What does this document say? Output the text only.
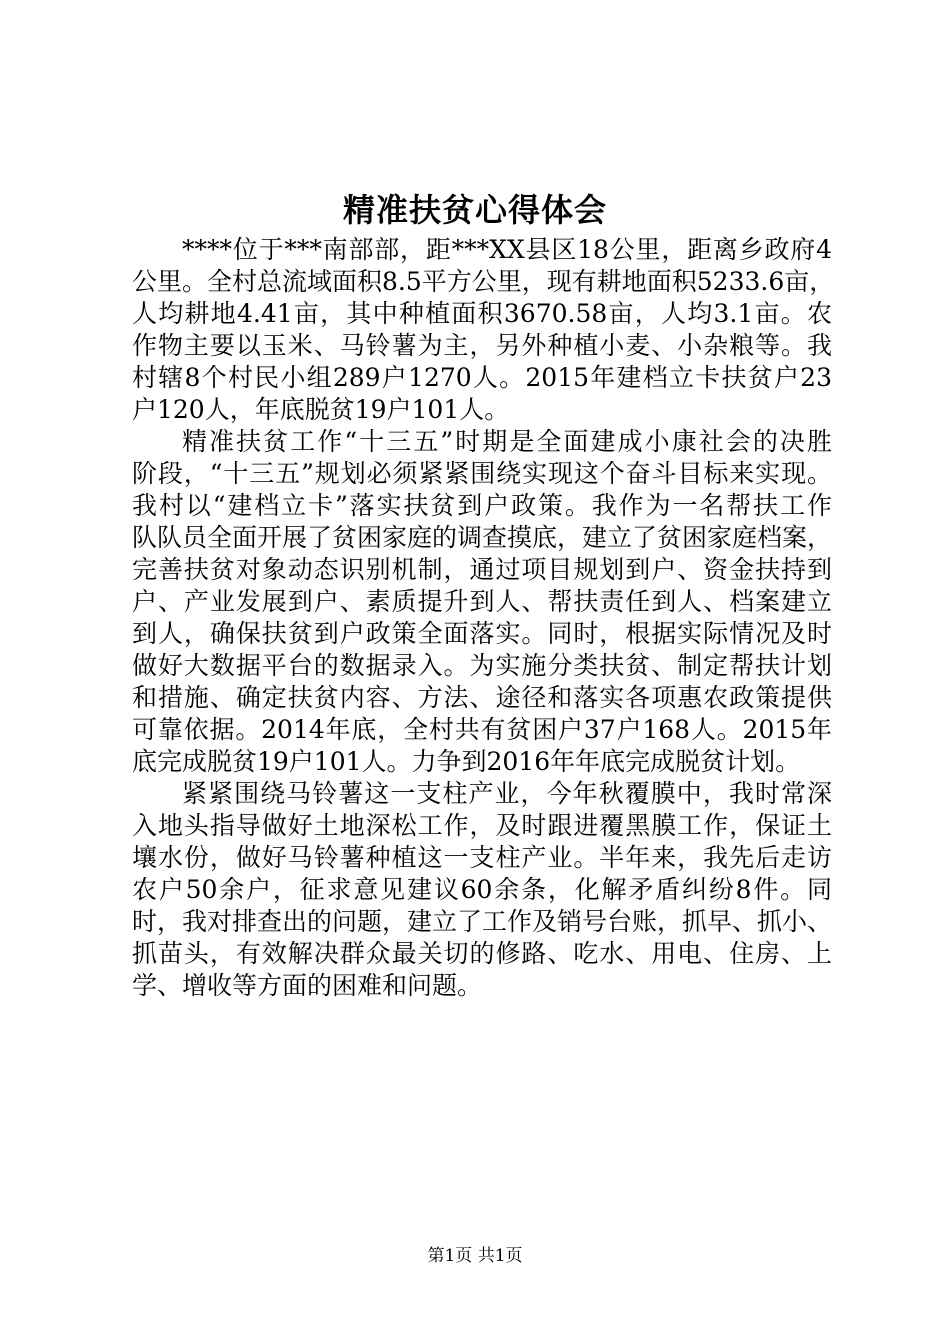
精准扶贫心得体会
****位于***南部部，距***XX县区18公里，距离乡政府4
公里。全村总流域面积8.5平方公里，现有耕地面积5233.6亩，
人均耕地4.41亩，其中种植面积3670.58亩，人均3.1亩。农
作物主要以玉米、马铃薯为主，另外种植小麦、小杂粮等。我
村辖8个村民小组289户1270人。2015年建档立卡扶贫户23
户120人，年底脱贫19户101人。
精准扶贫工作“十三五”时期是全面建成小康社会的决胜
阶段，“十三五”规划必须紧紧围绕实现这个奋斗目标来实现。
我村以“建档立卡”落实扶贫到户政策。我作为一名帮扶工作
队队员全面开展了贫困家庭的调查摸底，建立了贫困家庭档案，
完善扶贫对象动态识别机制，通过项目规划到户、资金扶持到
户、产业发展到户、素质提升到人、帮扶责任到人、档案建立
到人，确保扶贫到户政策全面落实。同时，根据实际情况及时
做好大数据平台的数据录入。为实施分类扶贫、制定帮扶计划
和措施、确定扶贫内容、方法、途径和落实各项惠农政策提供
可靠依据。2014年底，全村共有贫困户37户168人。2015年
底完成脱贫19户101人。力争到2016年年底完成脱贫计划。
紧紧围绕马铃薯这一支柱产业，今年秋覆膜中，我时常深
入地头指导做好土地深松工作，及时跟进覆黑膜工作，保证土
壤水份，做好马铃薯种植这一支柱产业。半年来，我先后走访
农户50余户，征求意见建议60余条，化解矛盾纠纷8件。同
时，我对排查出的问题，建立了工作及销号台账，抓早、抓小、
抓苗头，有效解决群众最关切的修路、吃水、用电、住房、上
学、增收等方面的困难和问题。
第1页 共1页
